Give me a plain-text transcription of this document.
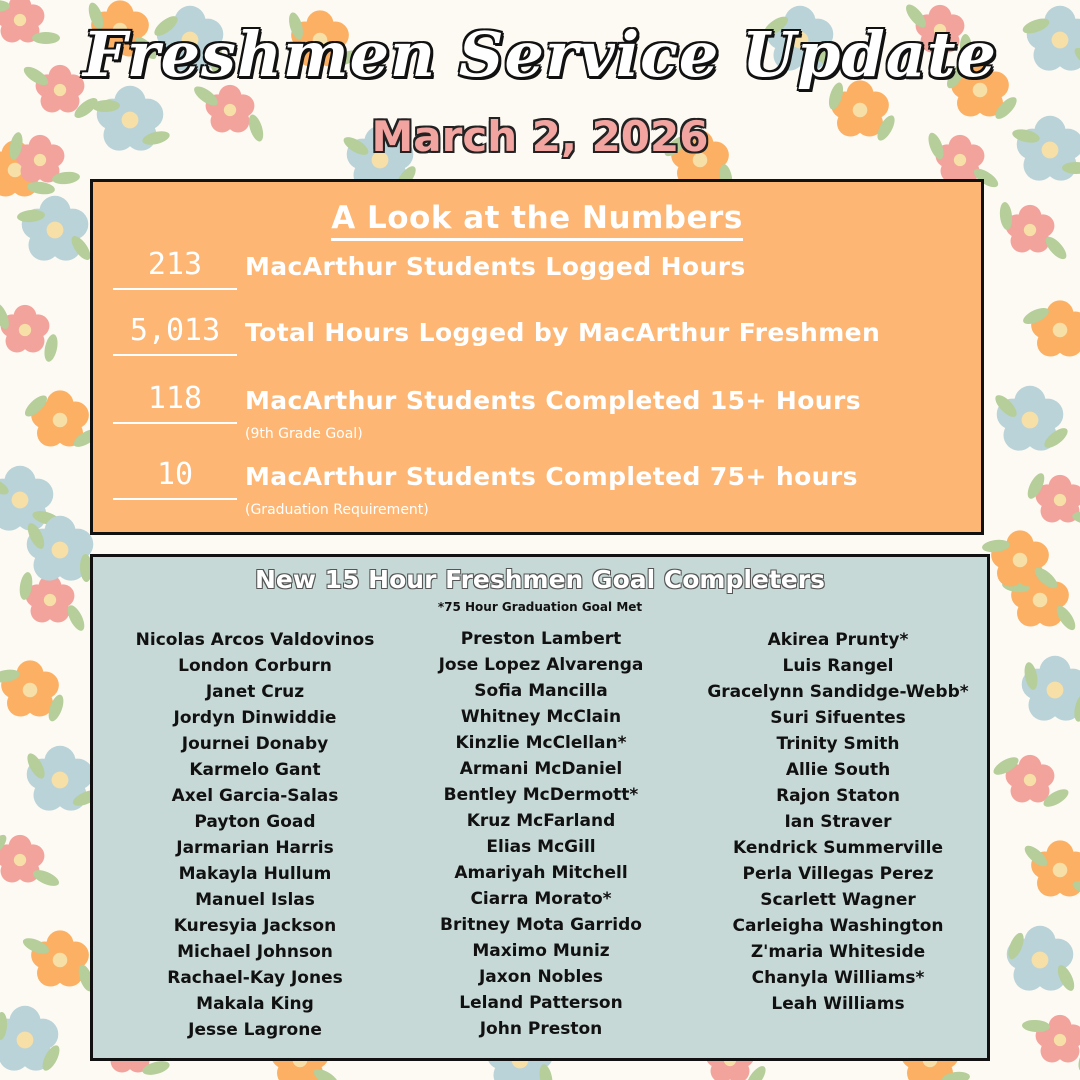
Freshmen Service Update
March 2, 2026
A Look at the Numbers
213	MacArthur Students Logged Hours
5,013 Total Hours Logged by MacArthur Freshmen
118	MacArthur Students Completed 15+ Hours
(9th Grade Goal)
10	MacArthur Students Completed 75+ hours
(Graduation Requirement)
New 15 Hour Freshmen Goal Completers
*75 Hour Graduation Goal Met
Nicolas Arcos Valdovinos
London Corburn
Janet Cruz
Jordyn Dinwiddie
Journei Donaby
Karmelo Gant
Axel Garcia-Salas
Payton Goad
Jarmarian Harris
Makayla Hullum
Manuel Islas
Kuresyia Jackson
Michael Johnson
Rachael-Kay Jones
Makala King
Jesse Lagrone
Preston Lambert
Jose Lopez Alvarenga
Sofia Mancilla
Whitney McClain
Kinzlie McClellan*
Armani McDaniel
Bentley McDermott*
Kruz McFarland
Elias McGill
Amariyah Mitchell
Ciarra Morato*
Britney Mota Garrido
Maximo Muniz
Jaxon Nobles
Leland Patterson
John Preston
Akirea Prunty*
Luis Rangel
Gracelynn Sandidge-Webb*
Suri Sifuentes
Trinity Smith
Allie South
Rajon Staton
Ian Straver
Kendrick Summerville
Perla Villegas Perez
Scarlett Wagner
Carleigha Washington
Z'maria Whiteside
Chanyla Williams*
Leah Williams
